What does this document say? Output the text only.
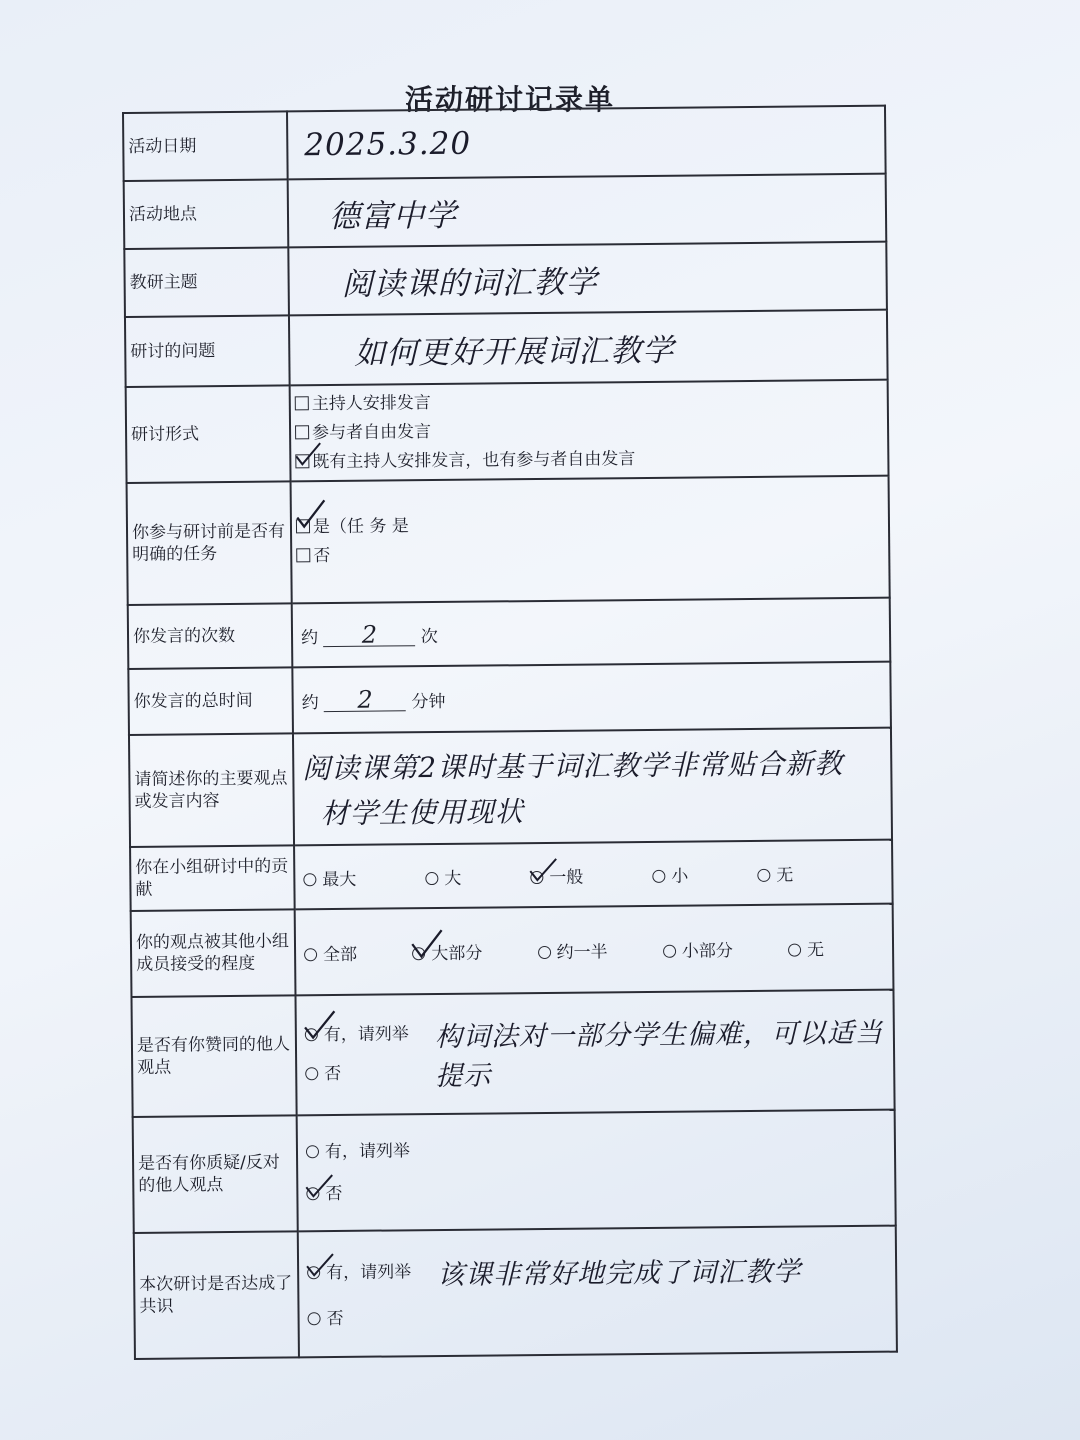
活动研讨记录单
活动日期	2025.3.20
活动地点	德富中学
教研主题	阅读课的词汇教学
研讨的问题	如何更好开展词汇教学
研讨形式	主持人安排发言
参与者自由发言
既有主持人安排发言，也有参与者自由发言

你参与研讨前是否有明确的任务	是（任 务 是
否

你发言的次数	约 2 次
你发言的总时间	约 2 分钟
请简述你的主要观点或发言内容	阅读课第2课时基于词汇教学非常贴合新教
材学生使用现状

你在小组研讨中的贡献	最大 大 一般 小 无

你的观点被其他小组成员接受的程度	全部 大部分 约一半 小部分 无

是否有你赞同的他人观点	有，请列举 构词法对一部分学生偏难，可以适当
否 提示

是否有你质疑/反对的他人观点	有，请列举
否

本次研讨是否达成了共识	有，请列举 该课非常好地完成了词汇教学
否
